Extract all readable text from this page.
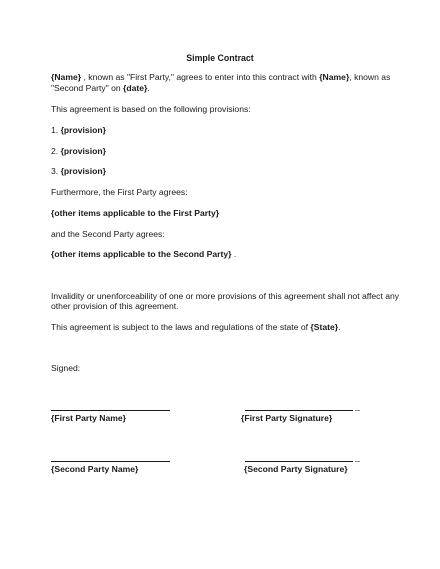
Simple Contract
{Name} , known as "First Party," agrees to enter into this contract with {Name}, known as
"Second Party" on {date}.
This agreement is based on the following provisions:
1. {provision}
2. {provision}
3. {provision}
Furthermore, the First Party agrees:
{other items applicable to the First Party}
and the Second Party agrees:
{other items applicable to the Second Party} .
Invalidity or unenforceability of one or more provisions of this agreement shall not affect any
other provision of this agreement.
This agreement is subject to the laws and regulations of the state of {State}.
Signed:
_
{First Party Name}	{First Party Signature}
_
{Second Party Name}	{Second Party Signature}
